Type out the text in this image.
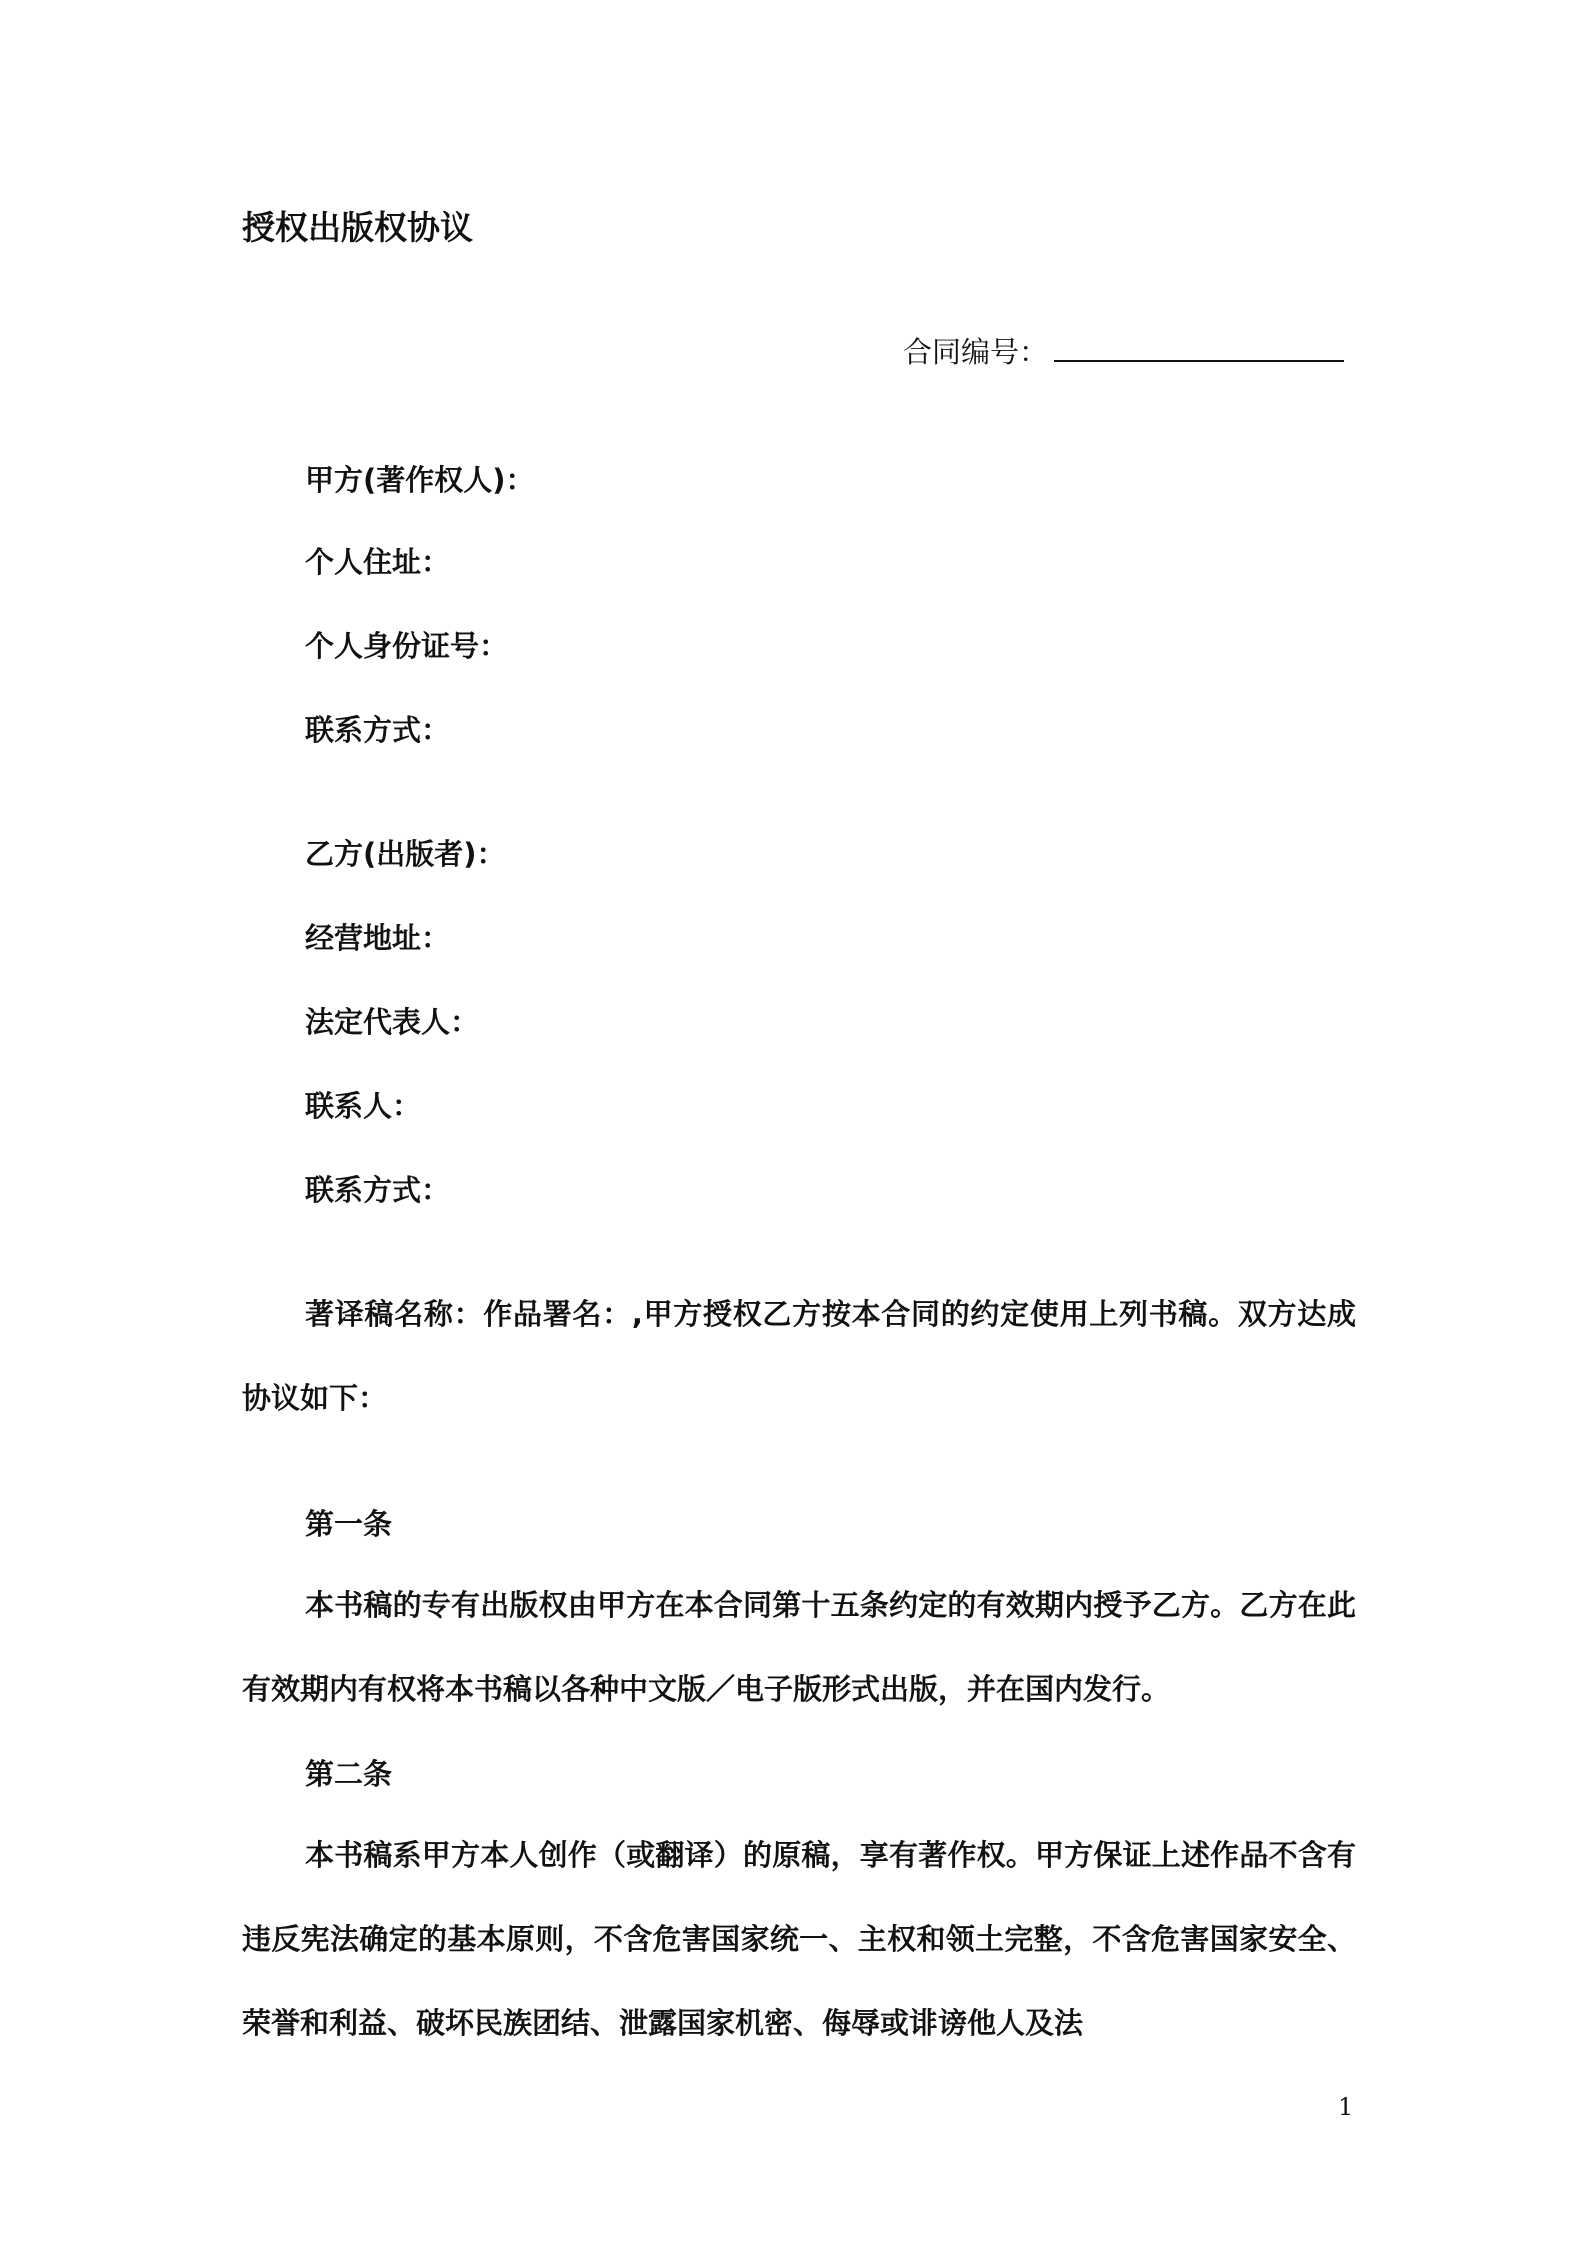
授权出版权协议
合同编号：
甲方(著作权人)：
个人住址：
个人身份证号：
联系方式：
乙方(出版者)：
经营地址：
法定代表人：
联系人：
联系方式：

著译稿名称：作品署名：,甲方授权乙方按本合同的约定使用上列书稿。双方达成协议如下：

第一条

本书稿的专有出版权由甲方在本合同第十五条约定的有效期内授予乙方。乙方在此有效期内有权将本书稿以各种中文版／电子版形式出版，并在国内发行。

第二条

本书稿系甲方本人创作（或翻译）的原稿，享有著作权。甲方保证上述作品不含有违反宪法确定的基本原则，不含危害国家统一、主权和领土完整，不含危害国家安全、荣誉和利益、破坏民族团结、泄露国家机密、侮辱或诽谤他人及法

1
